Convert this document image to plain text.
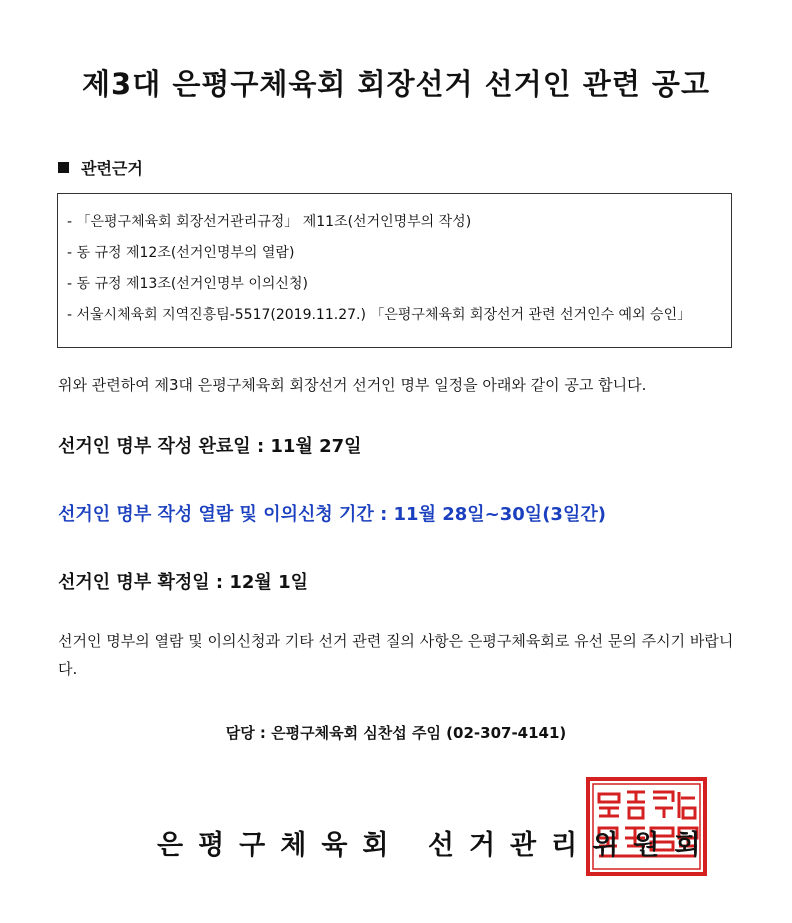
제3대 은평구체육회 회장선거 선거인 관련 공고
관련근거
- 「은평구체육회 회장선거관리규정」 제11조(선거인명부의 작성)
- 동 규정 제12조(선거인명부의 열람)
- 동 규정 제13조(선거인명부 이의신청)
- 서울시체육회 지역진흥팀-5517(2019.11.27.) 「은평구체육회 회장선거 관련 선거인수 예외 승인」
위와 관련하여 제3대 은평구체육회 회장선거 선거인 명부 일정을 아래와 같이 공고 합니다.
선거인 명부 작성 완료일 : 11월 27일
선거인 명부 작성 열람 및 이의신청 기간 : 11월 28일~30일(3일간)
선거인 명부 확정일 : 12월 1일
선거인 명부의 열람 및 이의신청과 기타 선거 관련 질의 사항은 은평구체육회로 유선 문의 주시기 바랍니다.
담당 : 은평구체육회 심찬섭 주임 (02-307-4141)
은평구체육회 선거관리위원회
